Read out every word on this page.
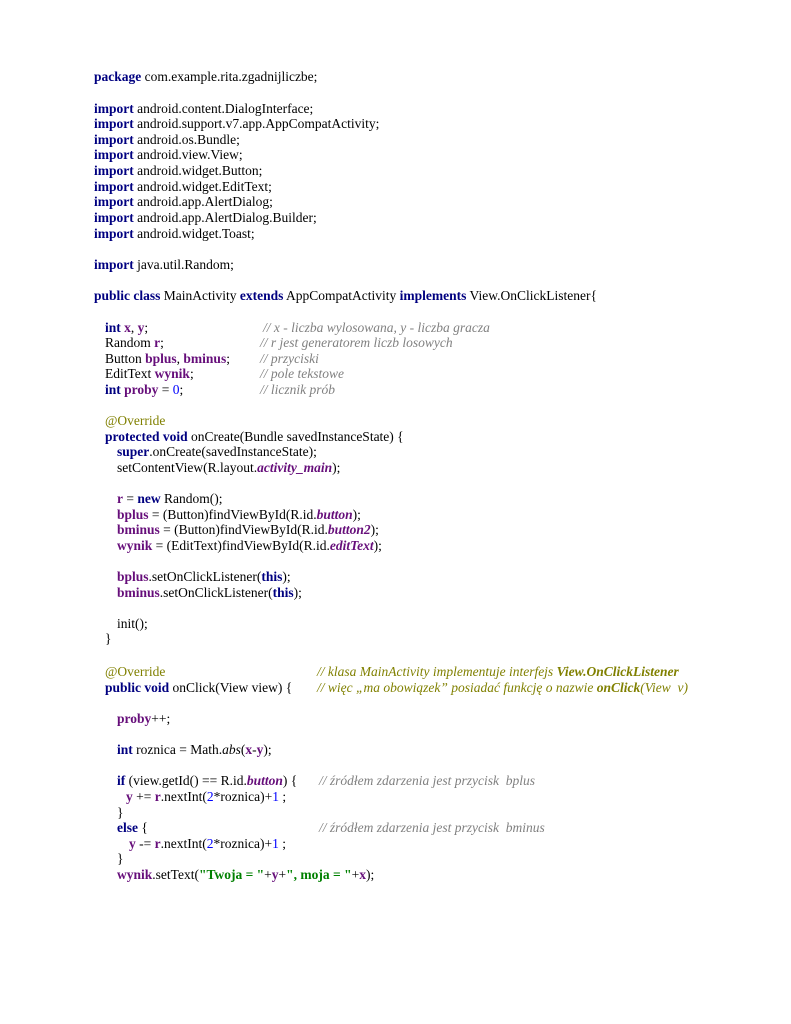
package com.example.rita.zgadnijliczbe;
import android.content.DialogInterface;
import android.support.v7.app.AppCompatActivity;
import android.os.Bundle;
import android.view.View;
import android.widget.Button;
import android.widget.EditText;
import android.app.AlertDialog;
import android.app.AlertDialog.Builder;
import android.widget.Toast;
import java.util.Random;
public class MainActivity extends AppCompatActivity implements View.OnClickListener{
int x, y;	// x - liczba wylosowana, y - liczba gracza
Random r;	// r jest generatorem liczb losowych
Button bplus, bminus; // przyciski
EditText wynik;	// pole tekstowe
int proby = 0;	// licznik prób
@Override
protected void onCreate(Bundle savedInstanceState) {
super.onCreate(savedInstanceState);
setContentView(R.layout.activity_main);
r = new Random();
bplus = (Button)findViewById(R.id.button);
bminus = (Button)findViewById(R.id.button2);
wynik = (EditText)findViewById(R.id.editText);
bplus.setOnClickListener(this);
bminus.setOnClickListener(this);
init();
}
@Override	// klasa MainActivity implementuje interfejs View.OnClickListener
public void onClick(View view) { // więc „ma obowiązek” posiadać funkcję o nazwie onClick(View  v)
proby++;
int roznica = Math.abs(x-y);
if (view.getId() == R.id.button) { // źródłem zdarzenia jest przycisk  bplus
y += r.nextInt(2*roznica)+1 ;
}
else {	// źródłem zdarzenia jest przycisk  bminus
y -= r.nextInt(2*roznica)+1 ;
}
wynik.setText("Twoja = "+y+", moja = "+x);
